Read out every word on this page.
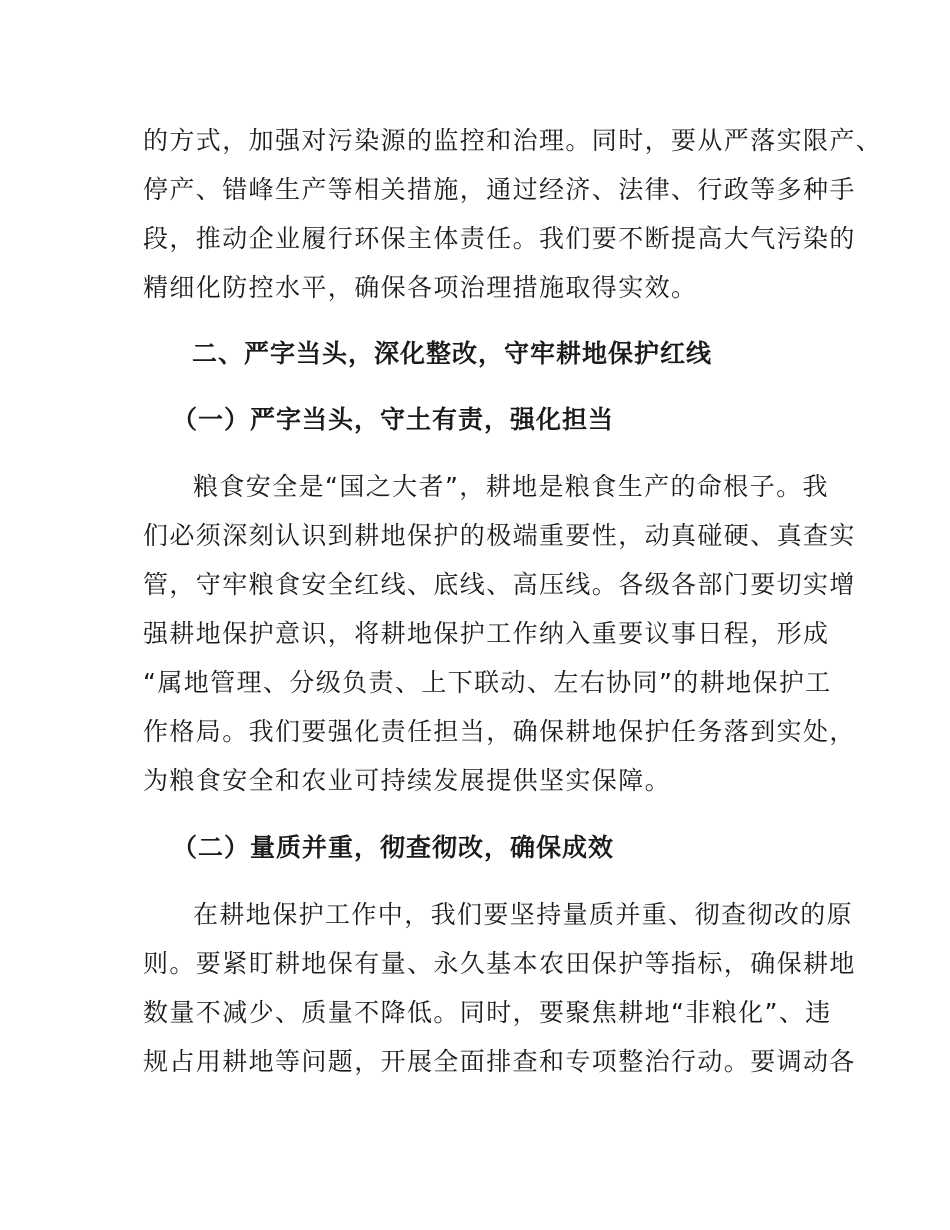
的方式，加强对污染源的监控和治理。同时，要从严落实限产、
停产、错峰生产等相关措施，通过经济、法律、行政等多种手
段，推动企业履行环保主体责任。我们要不断提高大气污染的
精细化防控水平，确保各项治理措施取得实效。
二、严字当头，深化整改，守牢耕地保护红线
（一）严字当头，守土有责，强化担当
粮食安全是“国之大者”，耕地是粮食生产的命根子。我
们必须深刻认识到耕地保护的极端重要性，动真碰硬、真查实
管，守牢粮食安全红线、底线、高压线。各级各部门要切实增
强耕地保护意识，将耕地保护工作纳入重要议事日程，形成
“属地管理、分级负责、上下联动、左右协同”的耕地保护工
作格局。我们要强化责任担当，确保耕地保护任务落到实处，
为粮食安全和农业可持续发展提供坚实保障。
（二）量质并重，彻查彻改，确保成效
在耕地保护工作中，我们要坚持量质并重、彻查彻改的原
则。要紧盯耕地保有量、永久基本农田保护等指标，确保耕地
数量不减少、质量不降低。同时，要聚焦耕地“非粮化”、违
规占用耕地等问题，开展全面排查和专项整治行动。要调动各
